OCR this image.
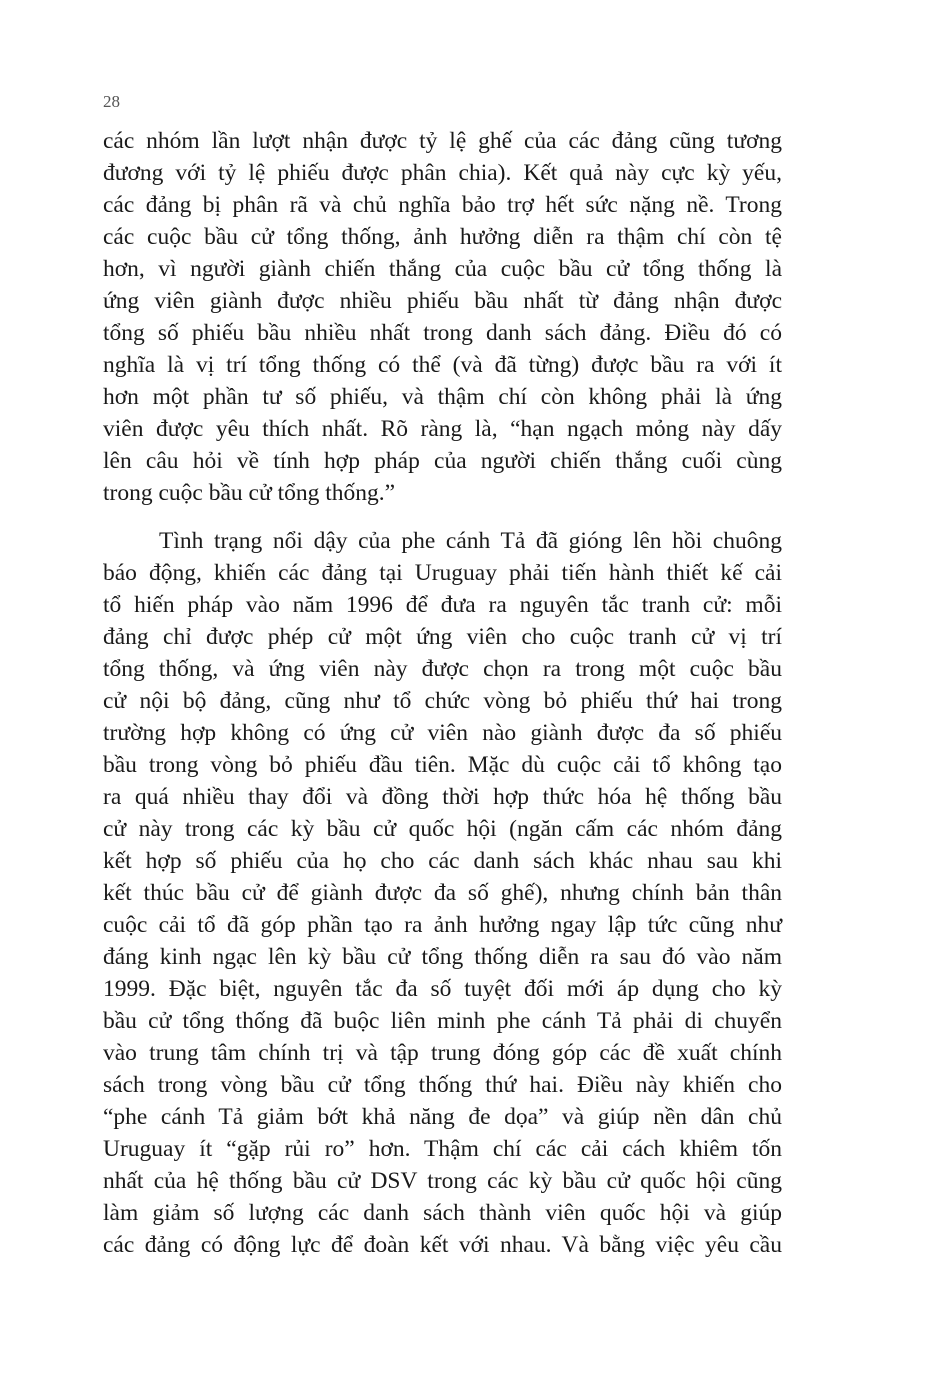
28
các nhóm lần lượt nhận được tỷ lệ ghế của các đảng cũng tương
đương với tỷ lệ phiếu được phân chia). Kết quả này cực kỳ yếu,
các đảng bị phân rã và chủ nghĩa bảo trợ hết sức nặng nề. Trong
các cuộc bầu cử tổng thống, ảnh hưởng diễn ra thậm chí còn tệ
hơn, vì người giành chiến thắng của cuộc bầu cử tổng thống là
ứng viên giành được nhiều phiếu bầu nhất từ đảng nhận được
tổng số phiếu bầu nhiều nhất trong danh sách đảng. Điều đó có
nghĩa là vị trí tổng thống có thể (và đã từng) được bầu ra với ít
hơn một phần tư số phiếu, và thậm chí còn không phải là ứng
viên được yêu thích nhất. Rõ ràng là, “hạn ngạch mỏng này dấy
lên câu hỏi về tính hợp pháp của người chiến thắng cuối cùng
trong cuộc bầu cử tổng thống.”
Tình trạng nổi dậy của phe cánh Tả đã gióng lên hồi chuông
báo động, khiến các đảng tại Uruguay phải tiến hành thiết kế cải
tổ hiến pháp vào năm 1996 để đưa ra nguyên tắc tranh cử: mỗi
đảng chỉ được phép cử một ứng viên cho cuộc tranh cử vị trí
tổng thống, và ứng viên này được chọn ra trong một cuộc bầu
cử nội bộ đảng, cũng như tổ chức vòng bỏ phiếu thứ hai trong
trường hợp không có ứng cử viên nào giành được đa số phiếu
bầu trong vòng bỏ phiếu đầu tiên. Mặc dù cuộc cải tổ không tạo
ra quá nhiều thay đổi và đồng thời hợp thức hóa hệ thống bầu
cử này trong các kỳ bầu cử quốc hội (ngăn cấm các nhóm đảng
kết hợp số phiếu của họ cho các danh sách khác nhau sau khi
kết thúc bầu cử để giành được đa số ghế), nhưng chính bản thân
cuộc cải tổ đã góp phần tạo ra ảnh hưởng ngay lập tức cũng như
đáng kinh ngạc lên kỳ bầu cử tổng thống diễn ra sau đó vào năm
1999. Đặc biệt, nguyên tắc đa số tuyệt đối mới áp dụng cho kỳ
bầu cử tổng thống đã buộc liên minh phe cánh Tả phải di chuyển
vào trung tâm chính trị và tập trung đóng góp các đề xuất chính
sách trong vòng bầu cử tổng thống thứ hai. Điều này khiến cho
“phe cánh Tả giảm bớt khả năng đe dọa” và giúp nền dân chủ
Uruguay ít “gặp rủi ro” hơn. Thậm chí các cải cách khiêm tốn
nhất của hệ thống bầu cử DSV trong các kỳ bầu cử quốc hội cũng
làm giảm số lượng các danh sách thành viên quốc hội và giúp
các đảng có động lực để đoàn kết với nhau. Và bằng việc yêu cầu
